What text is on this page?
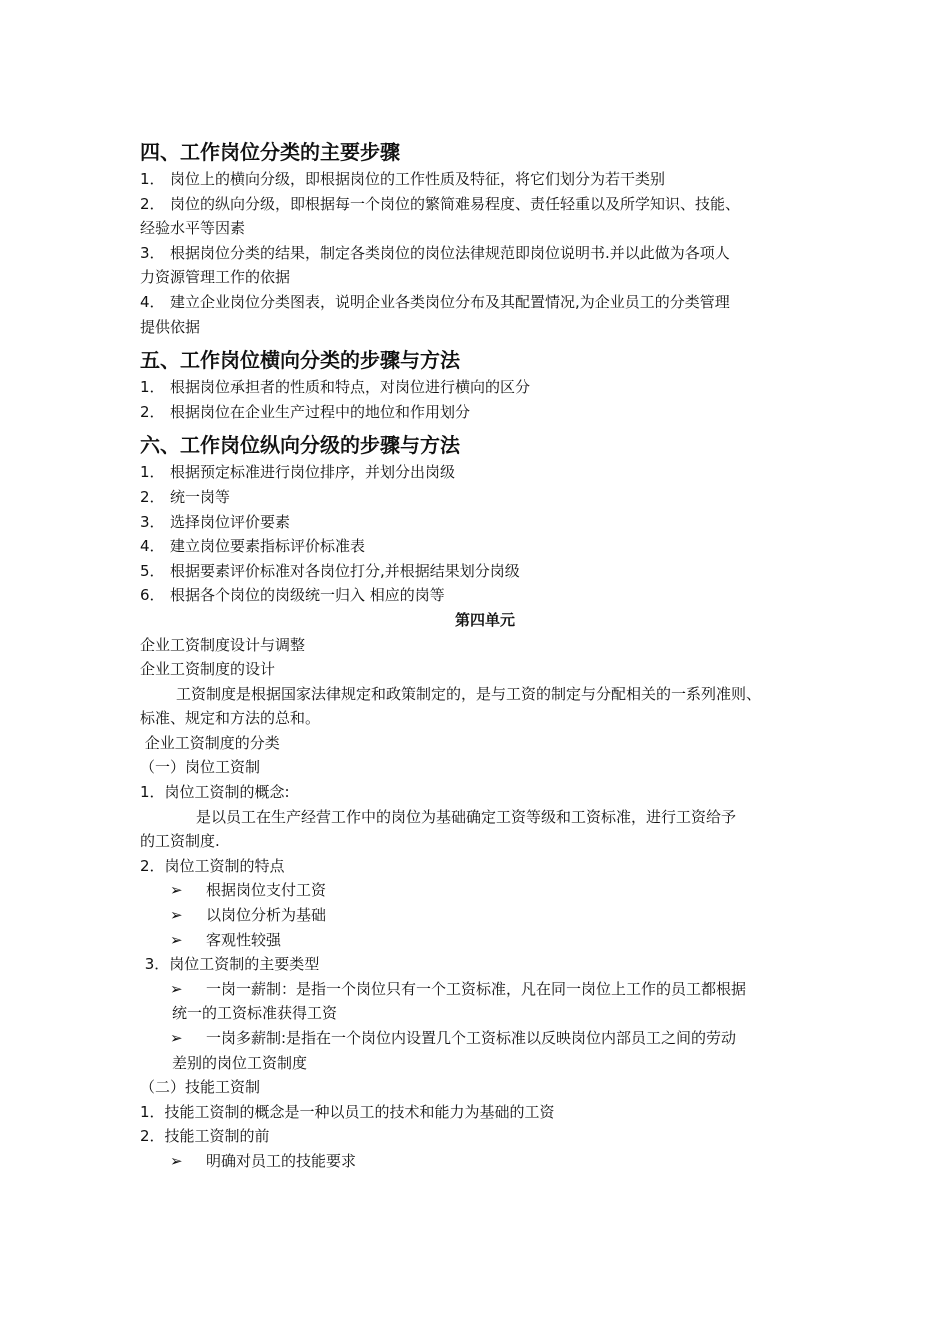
四、工作岗位分类的主要步骤
1． 岗位上的横向分级，即根据岗位的工作性质及特征，将它们划分为若干类别
2． 岗位的纵向分级，即根据每一个岗位的繁简难易程度、责任轻重以及所学知识、技能、
经验水平等因素
3． 根据岗位分类的结果，制定各类岗位的岗位法律规范即岗位说明书.并以此做为各项人
力资源管理工作的依据
4． 建立企业岗位分类图表，说明企业各类岗位分布及其配置情况,为企业员工的分类管理
提供依据
五、工作岗位横向分类的步骤与方法
1． 根据岗位承担者的性质和特点，对岗位进行横向的区分
2． 根据岗位在企业生产过程中的地位和作用划分
六、工作岗位纵向分级的步骤与方法
1． 根据预定标准进行岗位排序，并划分出岗级
2． 统一岗等
3． 选择岗位评价要素
4． 建立岗位要素指标评价标准表
5． 根据要素评价标准对各岗位打分,并根据结果划分岗级
6． 根据各个岗位的岗级统一归入 相应的岗等
第四单元
企业工资制度设计与调整
企业工资制度的设计
工资制度是根据国家法律规定和政策制定的，是与工资的制定与分配相关的一系列准则、
标准、规定和方法的总和。
企业工资制度的分类
（一）岗位工资制
1．岗位工资制的概念:
是以员工在生产经营工作中的岗位为基础确定工资等级和工资标准，进行工资给予
的工资制度.
2．岗位工资制的特点
➢ 根据岗位支付工资
➢ 以岗位分析为基础
➢ 客观性较强
3．岗位工资制的主要类型
➢ 一岗一薪制：是指一个岗位只有一个工资标准，凡在同一岗位上工作的员工都根据
统一的工资标准获得工资
➢ 一岗多薪制:是指在一个岗位内设置几个工资标准以反映岗位内部员工之间的劳动
差别的岗位工资制度
（二）技能工资制
1．技能工资制的概念是一种以员工的技术和能力为基础的工资
2．技能工资制的前
➢ 明确对员工的技能要求
